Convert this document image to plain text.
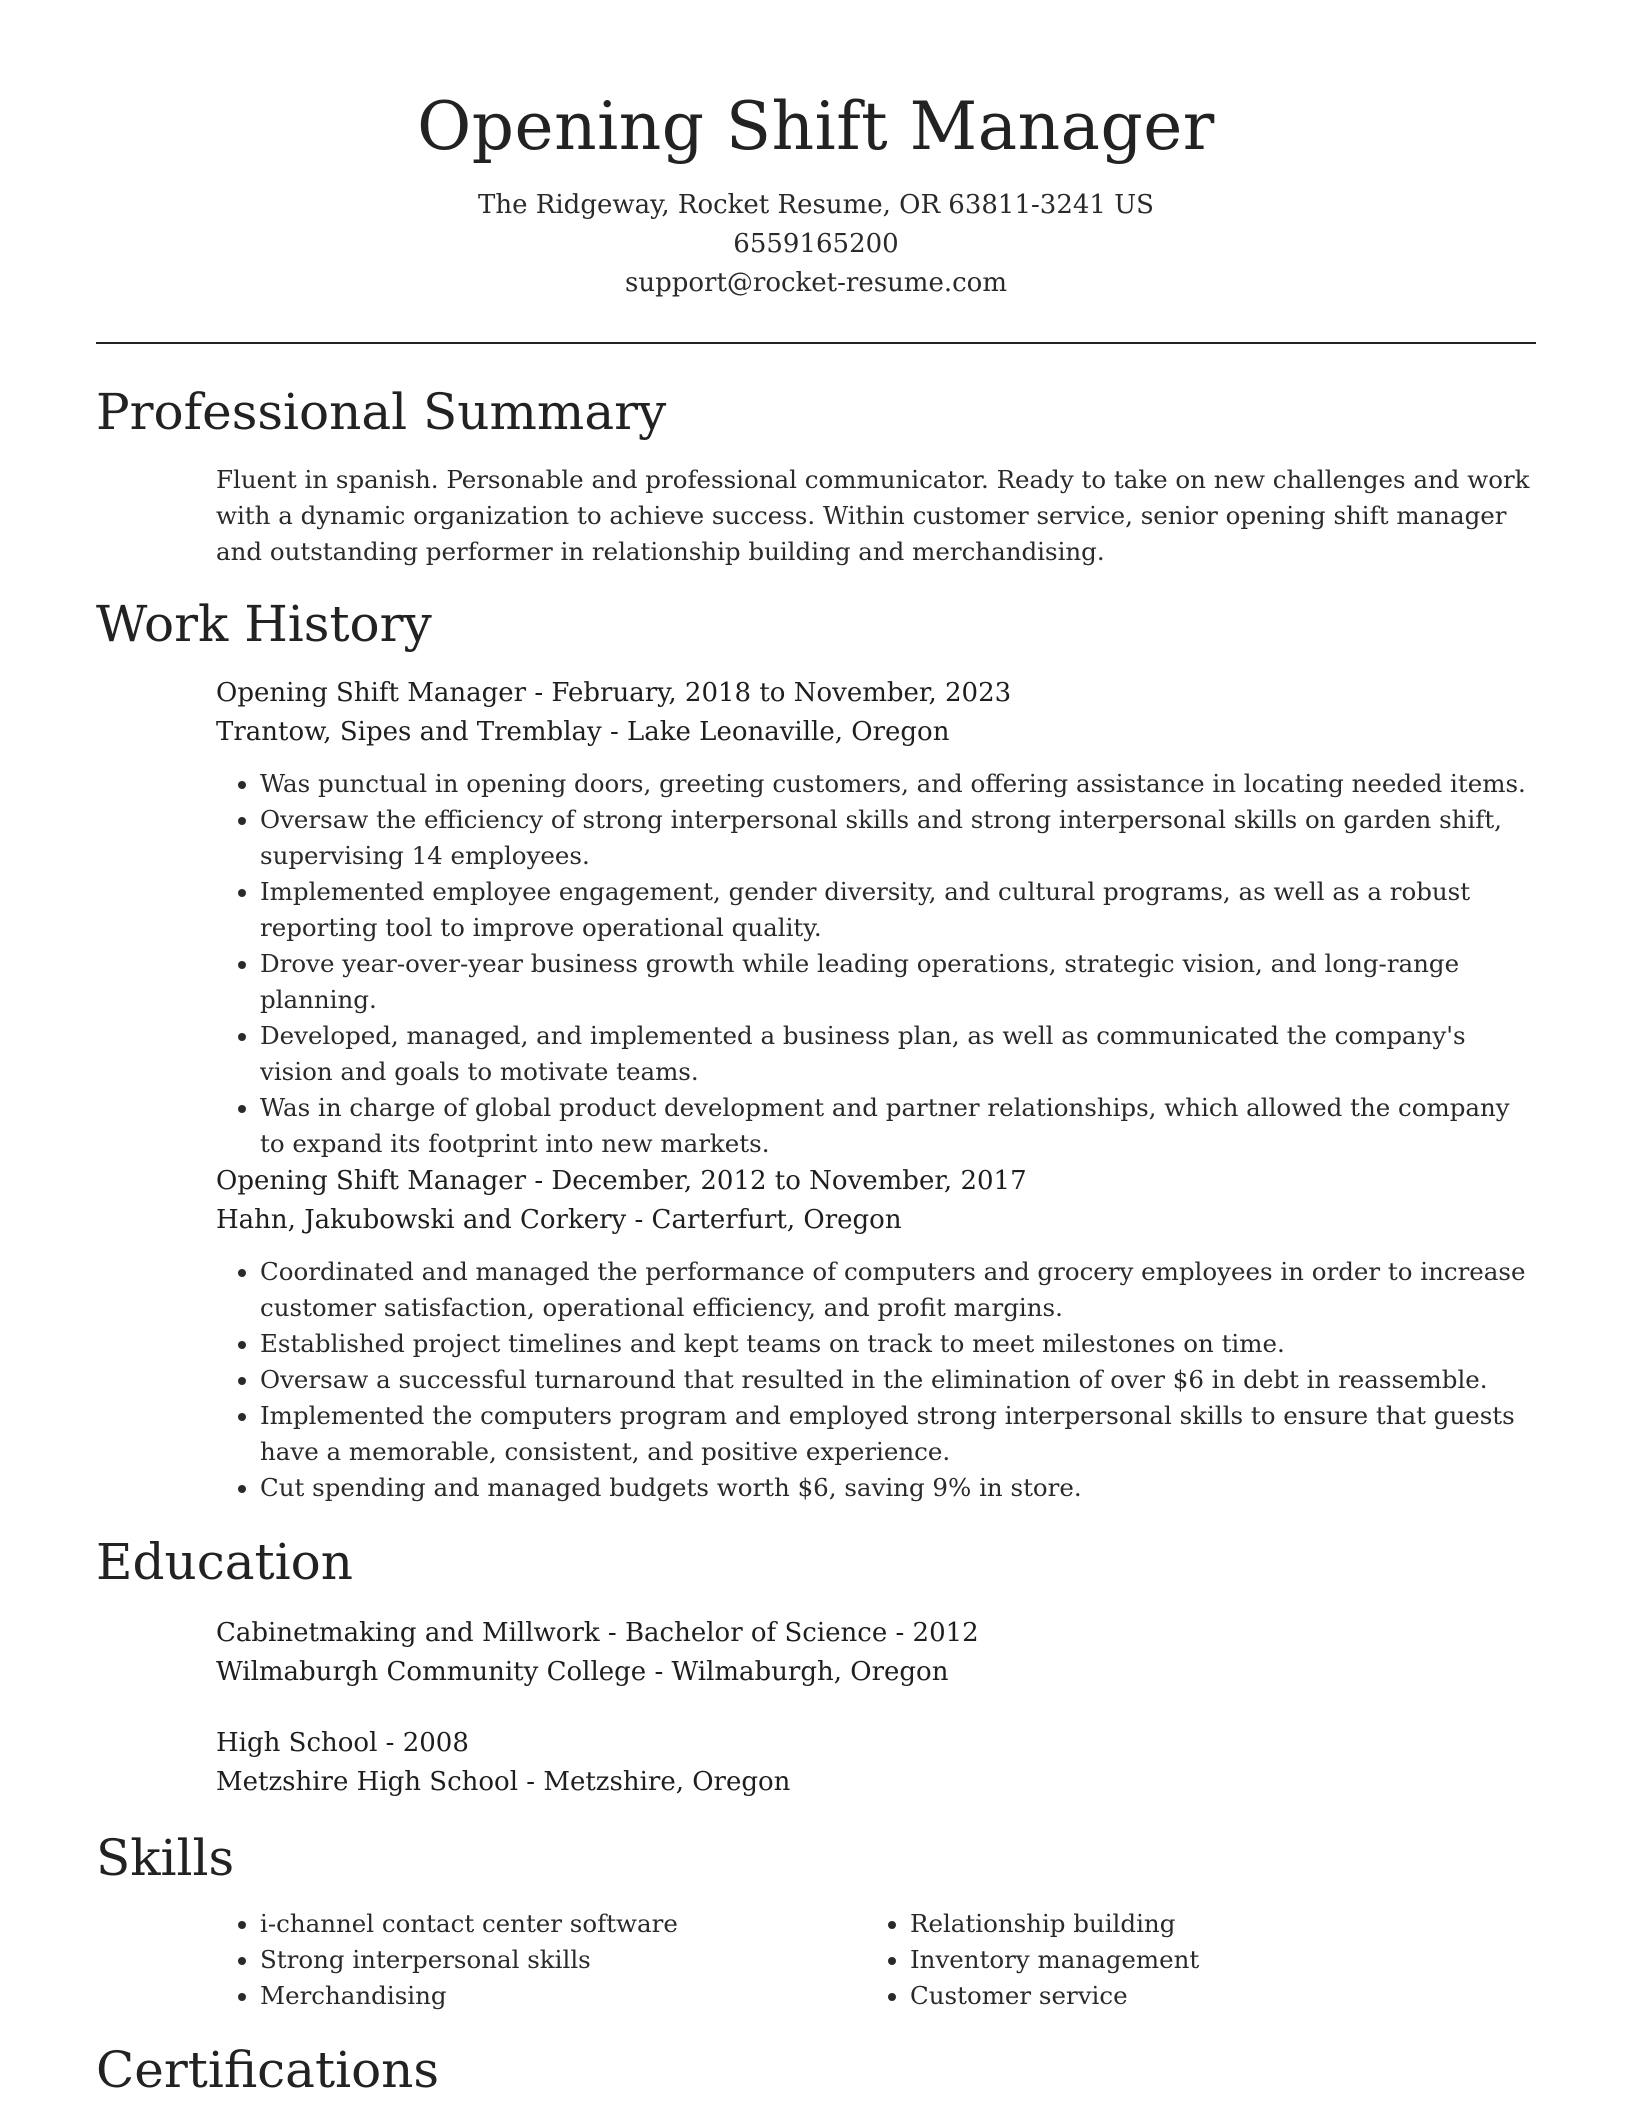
Opening Shift Manager
The Ridgeway, Rocket Resume, OR 63811-3241 US
6559165200
support@rocket-resume.com
Professional Summary

Fluent in spanish. Personable and professional communicator. Ready to take on new challenges and work with a dynamic organization to achieve success. Within customer service, senior opening shift manager and outstanding performer in relationship building and merchandising.

Work History

Opening Shift Manager - February, 2018 to November, 2023

Trantow, Sipes and Tremblay - Lake Leonaville, Oregon

• Was punctual in opening doors, greeting customers, and offering assistance in locating needed items.
• Oversaw the efficiency of strong interpersonal skills and strong interpersonal skills on garden shift, supervising 14 employees.
• Implemented employee engagement, gender diversity, and cultural programs, as well as a robust reporting tool to improve operational quality.
• Drove year-over-year business growth while leading operations, strategic vision, and long-range planning.
• Developed, managed, and implemented a business plan, as well as communicated the company's vision and goals to motivate teams.
• Was in charge of global product development and partner relationships, which allowed the company to expand its footprint into new markets.

Opening Shift Manager - December, 2012 to November, 2017

Hahn, Jakubowski and Corkery - Carterfurt, Oregon

• Coordinated and managed the performance of computers and grocery employees in order to increase customer satisfaction, operational efficiency, and profit margins.
• Established project timelines and kept teams on track to meet milestones on time.
• Oversaw a successful turnaround that resulted in the elimination of over $6 in debt in reassemble.
• Implemented the computers program and employed strong interpersonal skills to ensure that guests have a memorable, consistent, and positive experience.
• Cut spending and managed budgets worth $6, saving 9% in store.
Education

Cabinetmaking and Millwork - Bachelor of Science - 2012

Wilmaburgh Community College - Wilmaburgh, Oregon

High School - 2008

Metzshire High School - Metzshire, Oregon

Skills
• i-channel contact center software
• Strong interpersonal skills
• Merchandising
• Relationship building
• Inventory management
• Customer service
Certifications
